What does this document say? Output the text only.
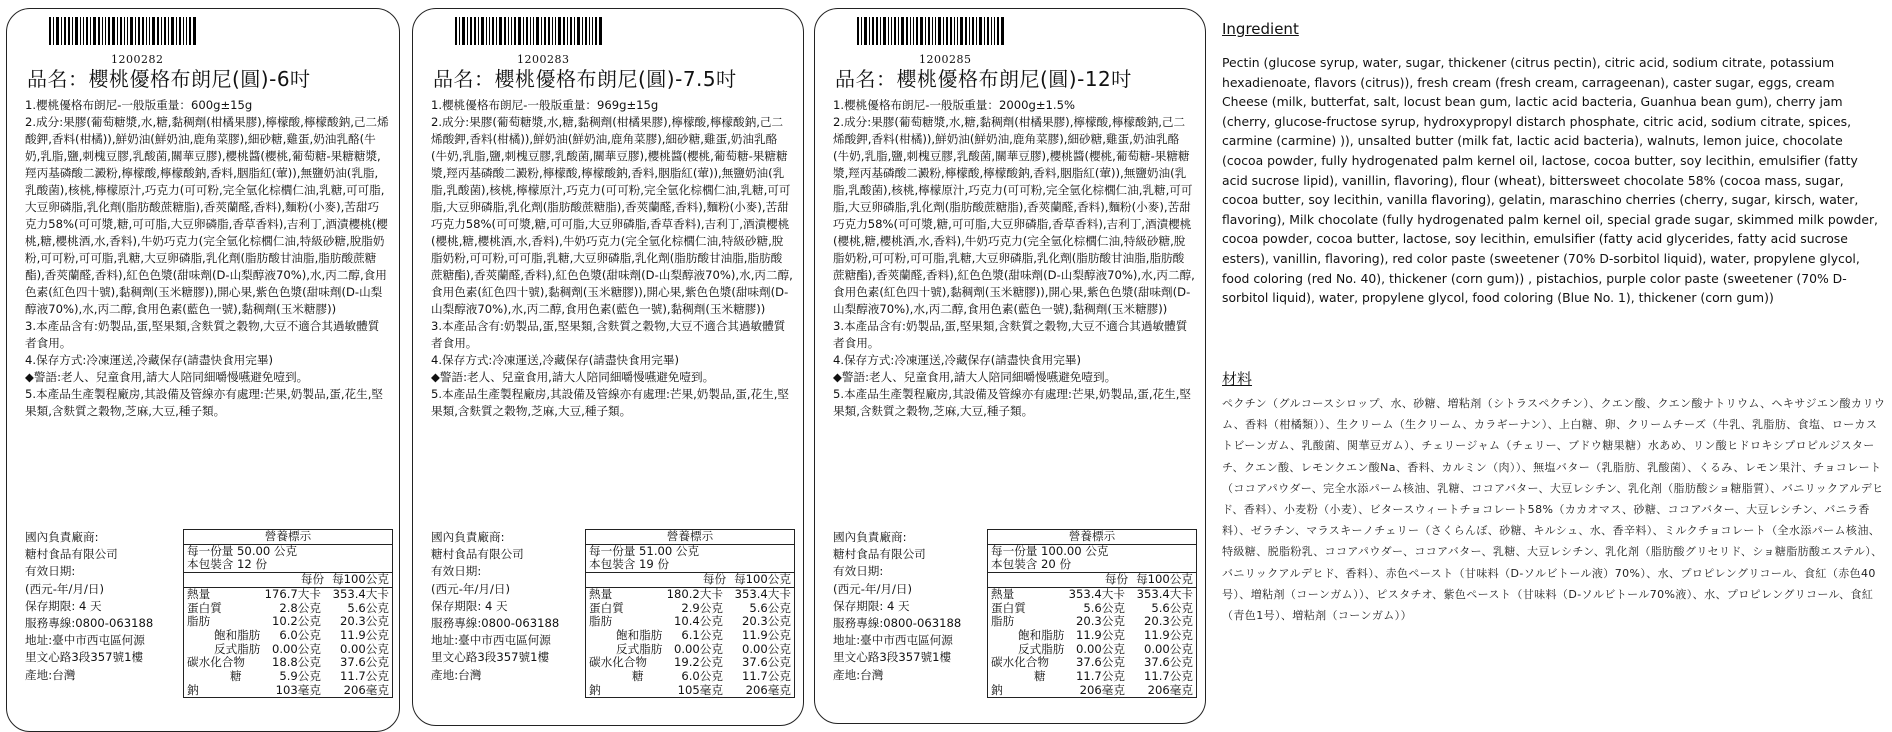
1200282
品名：櫻桃優格布朗尼(圓)-6吋

1.櫻桃優格布朗尼-一般版重量：600g±15g

2.成分:果膠(葡萄糖漿,水,糖,黏稠劑(柑橘果膠),檸檬酸,檸檬酸鈉,己二烯酸鉀,香料(柑橘)),鮮奶油(鮮奶油,鹿角菜膠),細砂糖,雞蛋,奶油乳酪(牛奶,乳脂,鹽,刺槐豆膠,乳酸菌,關華豆膠),櫻桃醬(櫻桃,葡萄糖-果糖糖漿,羥丙基磷酸二澱粉,檸檬酸,檸檬酸鈉,香料,胭脂紅(葷)),無鹽奶油(乳脂,乳酸菌),核桃,檸檬原汁,巧克力(可可粉,完全氫化棕櫚仁油,乳糖,可可脂,大豆卵磷脂,乳化劑(脂肪酸蔗糖脂),香莢蘭醛,香料),麵粉(小麥),苦甜巧克力58%(可可漿,糖,可可脂,大豆卵磷脂,香草香料),吉利丁,酒漬櫻桃(櫻桃,糖,櫻桃酒,水,香料),牛奶巧克力(完全氫化棕櫚仁油,特級砂糖,脫脂奶粉,可可粉,可可脂,乳糖,大豆卵磷脂,乳化劑(脂肪酸甘油脂,脂肪酸蔗糖酯),香莢蘭醛,香料),紅色色漿(甜味劑(D-山梨醇液70%),水,丙二醇,食用色素(紅色四十號),黏稠劑(玉米糖膠)),開心果,紫色色漿(甜味劑(D-山梨醇液70%),水,丙二醇,食用色素(藍色一號),黏稠劑(玉米糖膠))

3.本產品含有:奶製品,蛋,堅果類,含麩質之穀物,大豆不適合其過敏體質者食用。

4.保存方式:冷凍運送,冷藏保存(請盡快食用完畢)

◆警語:老人、兒童食用,請大人陪同細嚼慢嚥避免噎到。

5.本產品生產製程廠房,其設備及管線亦有處理:芒果,奶製品,蛋,花生,堅果類,含麩質之穀物,芝麻,大豆,種子類。

國內負責廠商:
糖村食品有限公司
有效日期:
(西元-年/月/日)
保存期限: 4 天
服務專線:0800-063188
地址:臺中市西屯區何源
里文心路3段357號1樓
產地:台灣
營養標示
每一份量 50.00 公克
本包裝含 12 份
每份 每100公克
熱量	176.7大卡	353.4大卡
蛋白質	2.8公克	5.6公克
脂肪	10.2公克	20.3公克
飽和脂肪	6.0公克	11.9公克
反式脂肪 0.00公克	0.00公克
碳水化合物	18.8公克	37.6公克
糖	5.9公克	11.7公克
鈉	103毫克	206毫克
1200283
品名：櫻桃優格布朗尼(圓)-7.5吋

1.櫻桃優格布朗尼-一般版重量：969g±15g

2.成分:果膠(葡萄糖漿,水,糖,黏稠劑(柑橘果膠),檸檬酸,檸檬酸鈉,己二烯酸鉀,香料(柑橘)),鮮奶油(鮮奶油,鹿角菜膠),細砂糖,雞蛋,奶油乳酪(牛奶,乳脂,鹽,刺槐豆膠,乳酸菌,關華豆膠),櫻桃醬(櫻桃,葡萄糖-果糖糖漿,羥丙基磷酸二澱粉,檸檬酸,檸檬酸鈉,香料,胭脂紅(葷)),無鹽奶油(乳脂,乳酸菌),核桃,檸檬原汁,巧克力(可可粉,完全氫化棕櫚仁油,乳糖,可可脂,大豆卵磷脂,乳化劑(脂肪酸蔗糖脂),香莢蘭醛,香料),麵粉(小麥),苦甜巧克力58%(可可漿,糖,可可脂,大豆卵磷脂,香草香料),吉利丁,酒漬櫻桃(櫻桃,糖,櫻桃酒,水,香料),牛奶巧克力(完全氫化棕櫚仁油,特級砂糖,脫脂奶粉,可可粉,可可脂,乳糖,大豆卵磷脂,乳化劑(脂肪酸甘油脂,脂肪酸蔗糖酯),香莢蘭醛,香料),紅色色漿(甜味劑(D-山梨醇液70%),水,丙二醇,食用色素(紅色四十號),黏稠劑(玉米糖膠)),開心果,紫色色漿(甜味劑(D-山梨醇液70%),水,丙二醇,食用色素(藍色一號),黏稠劑(玉米糖膠))

3.本產品含有:奶製品,蛋,堅果類,含麩質之穀物,大豆不適合其過敏體質者食用。

4.保存方式:冷凍運送,冷藏保存(請盡快食用完畢)

◆警語:老人、兒童食用,請大人陪同細嚼慢嚥避免噎到。

5.本產品生產製程廠房,其設備及管線亦有處理:芒果,奶製品,蛋,花生,堅果類,含麩質之穀物,芝麻,大豆,種子類。

國內負責廠商:
糖村食品有限公司
有效日期:
(西元-年/月/日)
保存期限: 4 天
服務專線:0800-063188
地址:臺中市西屯區何源
里文心路3段357號1樓
產地:台灣
營養標示
每一份量 51.00 公克
本包裝含 19 份
每份 每100公克
熱量	180.2大卡	353.4大卡
蛋白質	2.9公克	5.6公克
脂肪	10.4公克	20.3公克
飽和脂肪	6.1公克	11.9公克
反式脂肪 0.00公克	0.00公克
碳水化合物	19.2公克	37.6公克
糖	6.0公克	11.7公克
鈉	105毫克	206毫克
1200285
品名：櫻桃優格布朗尼(圓)-12吋

1.櫻桃優格布朗尼-一般版重量：2000g±1.5%

2.成分:果膠(葡萄糖漿,水,糖,黏稠劑(柑橘果膠),檸檬酸,檸檬酸鈉,己二烯酸鉀,香料(柑橘)),鮮奶油(鮮奶油,鹿角菜膠),細砂糖,雞蛋,奶油乳酪(牛奶,乳脂,鹽,刺槐豆膠,乳酸菌,關華豆膠),櫻桃醬(櫻桃,葡萄糖-果糖糖漿,羥丙基磷酸二澱粉,檸檬酸,檸檬酸鈉,香料,胭脂紅(葷)),無鹽奶油(乳脂,乳酸菌),核桃,檸檬原汁,巧克力(可可粉,完全氫化棕櫚仁油,乳糖,可可脂,大豆卵磷脂,乳化劑(脂肪酸蔗糖脂),香莢蘭醛,香料),麵粉(小麥),苦甜巧克力58%(可可漿,糖,可可脂,大豆卵磷脂,香草香料),吉利丁,酒漬櫻桃(櫻桃,糖,櫻桃酒,水,香料),牛奶巧克力(完全氫化棕櫚仁油,特級砂糖,脫脂奶粉,可可粉,可可脂,乳糖,大豆卵磷脂,乳化劑(脂肪酸甘油脂,脂肪酸蔗糖酯),香莢蘭醛,香料),紅色色漿(甜味劑(D-山梨醇液70%),水,丙二醇,食用色素(紅色四十號),黏稠劑(玉米糖膠)),開心果,紫色色漿(甜味劑(D-山梨醇液70%),水,丙二醇,食用色素(藍色一號),黏稠劑(玉米糖膠))

3.本產品含有:奶製品,蛋,堅果類,含麩質之穀物,大豆不適合其過敏體質者食用。

4.保存方式:冷凍運送,冷藏保存(請盡快食用完畢)

◆警語:老人、兒童食用,請大人陪同細嚼慢嚥避免噎到。

5.本產品生產製程廠房,其設備及管線亦有處理:芒果,奶製品,蛋,花生,堅果類,含麩質之穀物,芝麻,大豆,種子類。

國內負責廠商:
糖村食品有限公司
有效日期:
(西元-年/月/日)
保存期限: 4 天
服務專線:0800-063188
地址:臺中市西屯區何源
里文心路3段357號1樓
產地:台灣
營養標示
每一份量 100.00 公克
本包裝含 20 份
每份 每100公克
熱量	353.4大卡	353.4大卡
蛋白質	5.6公克	5.6公克
脂肪	20.3公克	20.3公克
飽和脂肪 11.9公克	11.9公克
反式脂肪 0.00公克	0.00公克
碳水化合物	37.6公克	37.6公克
糖	11.7公克	11.7公克
鈉	206毫克	206毫克
Ingredient
Pectin (glucose syrup, water, sugar, thickener (citrus pectin), citric acid, sodium citrate, potassium hexadienoate, flavors (citrus)), fresh cream (fresh cream, carrageenan), caster sugar, eggs, cream Cheese (milk, butterfat, salt, locust bean gum, lactic acid bacteria, Guanhua bean gum), cherry jam (cherry, glucose-fructose syrup, hydroxypropyl distarch phosphate, citric acid, sodium citrate, spices, carmine (carmine) )), unsalted butter (milk fat, lactic acid bacteria), walnuts, lemon juice, chocolate (cocoa powder, fully hydrogenated palm kernel oil, lactose, cocoa butter, soy lecithin, emulsifier (fatty acid sucrose lipid), vanillin, flavoring), flour (wheat), bittersweet chocolate 58% (cocoa mass, sugar, cocoa butter, soy lecithin, vanilla flavoring), gelatin, maraschino cherries (cherry, sugar, kirsch, water, flavoring), Milk chocolate (fully hydrogenated palm kernel oil, special grade sugar, skimmed milk powder, cocoa powder, cocoa butter, lactose, soy lecithin, emulsifier (fatty acid glycerides, fatty acid sucrose esters), vanillin, flavoring), red color paste (sweetener (70% D-sorbitol liquid), water, propylene glycol, food coloring (red No. 40), thickener (corn gum)) , pistachios, purple color paste (sweetener (70% D-sorbitol liquid), water, propylene glycol, food coloring (Blue No. 1), thickener (corn gum))
材料
ペクチン（グルコースシロップ、水、砂糖、増粘剤（シトラスペクチン）、クエン酸、クエン酸ナトリウム、ヘキサジエン酸カリウム、香料（柑橘類））、生クリーム（生クリーム、カラギーナン）、上白糖、卵、クリームチーズ（牛乳、乳脂肪、食塩、ローカストビーンガム、乳酸菌、関華豆ガム）、チェリージャム（チェリー、ブドウ糖果糖）水あめ、リン酸ヒドロキシプロピルジスターチ、クエン酸、レモンクエン酸Na、香料、カルミン（肉））、無塩バター（乳脂肪、乳酸菌）、くるみ、レモン果汁、チョコレート（ココアパウダー、完全水添パーム核油、乳糖、ココアバター、大豆レシチン、乳化剤（脂肪酸ショ糖脂質）、バニリックアルデヒド、香料）、小麦粉（小麦）、ビタースウィートチョコレート58%（カカオマス、砂糖、ココアバター、大豆レシチン、バニラ香料）、ゼラチン、マラスキーノチェリー（さくらんぼ、砂糖、キルシュ、水、香辛料）、ミルクチョコレート（全水添パーム核油、特級糖、脱脂粉乳、ココアパウダー、ココアバター、乳糖、大豆レシチン、乳化剤（脂肪酸グリセリド、ショ糖脂肪酸エステル）、バニリックアルデヒド、香料）、赤色ペースト（甘味料（D-ソルビトール液）70%）、水、プロピレングリコール、食紅（赤色40号）、増粘剤（コーンガム））、ピスタチオ、紫色ペースト（甘味料（D-ソルビトール70%液）、水、プロピレングリコール、食紅（青色1号）、増粘剤（コーンガム））
